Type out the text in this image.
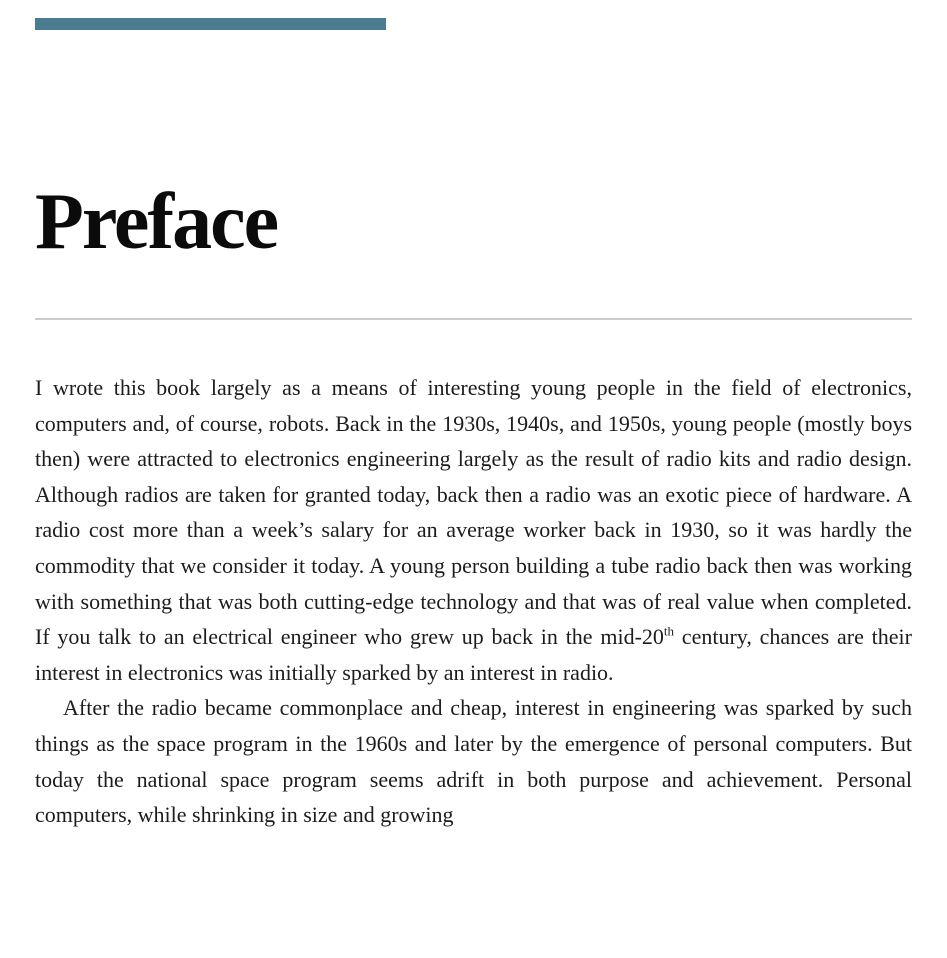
Preface

I wrote this book largely as a means of interesting young people in the field of electronics, computers and, of course, robots. Back in the 1930s, 1940s, and 1950s, young people (mostly boys then) were attracted to electronics engineering largely as the result of radio kits and radio design. Although radios are taken for granted today, back then a radio was an exotic piece of hardware. A radio cost more than a week’s salary for an average worker back in 1930, so it was hardly the commodity that we consider it today. A young person building a tube radio back then was working with something that was both cutting-edge technology and that was of real value when completed. If you talk to an electrical engineer who grew up back in the mid-20th century, chances are their interest in electronics was initially sparked by an interest in radio.

After the radio became commonplace and cheap, interest in engineering was sparked by such things as the space program in the 1960s and later by the emergence of personal computers. But today the national space program seems adrift in both purpose and achievement. Personal computers, while shrinking in size and growing
